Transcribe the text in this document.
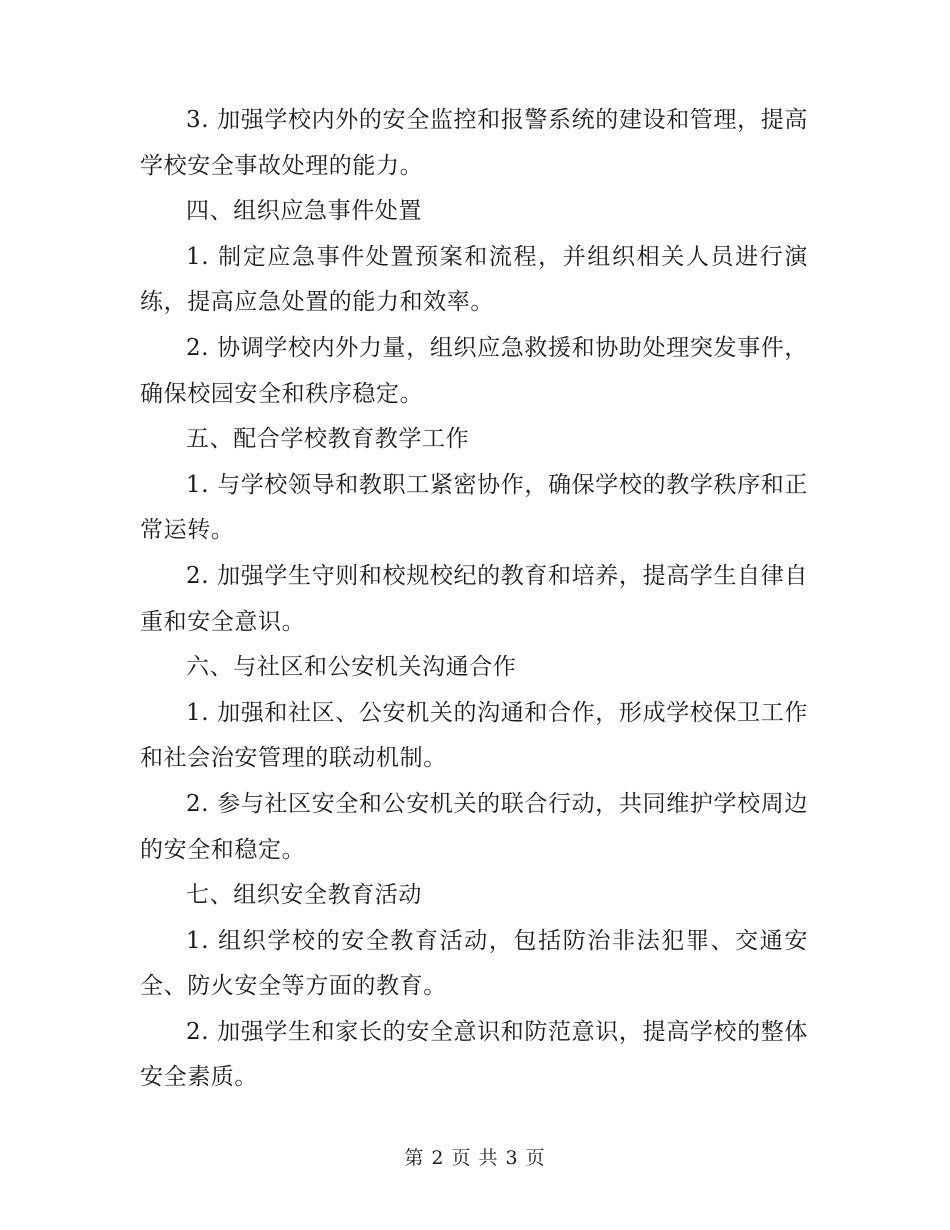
3. 加强学校内外的安全监控和报警系统的建设和管理，提高学校安全事故处理的能力。

四、组织应急事件处置

1. 制定应急事件处置预案和流程，并组织相关人员进行演练，提高应急处置的能力和效率。

2. 协调学校内外力量，组织应急救援和协助处理突发事件，确保校园安全和秩序稳定。

五、配合学校教育教学工作

1. 与学校领导和教职工紧密协作，确保学校的教学秩序和正常运转。

2. 加强学生守则和校规校纪的教育和培养，提高学生自律自重和安全意识。

六、与社区和公安机关沟通合作

1. 加强和社区、公安机关的沟通和合作，形成学校保卫工作和社会治安管理的联动机制。

2. 参与社区安全和公安机关的联合行动，共同维护学校周边的安全和稳定。

七、组织安全教育活动

1. 组织学校的安全教育活动，包括防治非法犯罪、交通安全、防火安全等方面的教育。

2. 加强学生和家长的安全意识和防范意识，提高学校的整体安全素质。

第 2 页 共 3 页
